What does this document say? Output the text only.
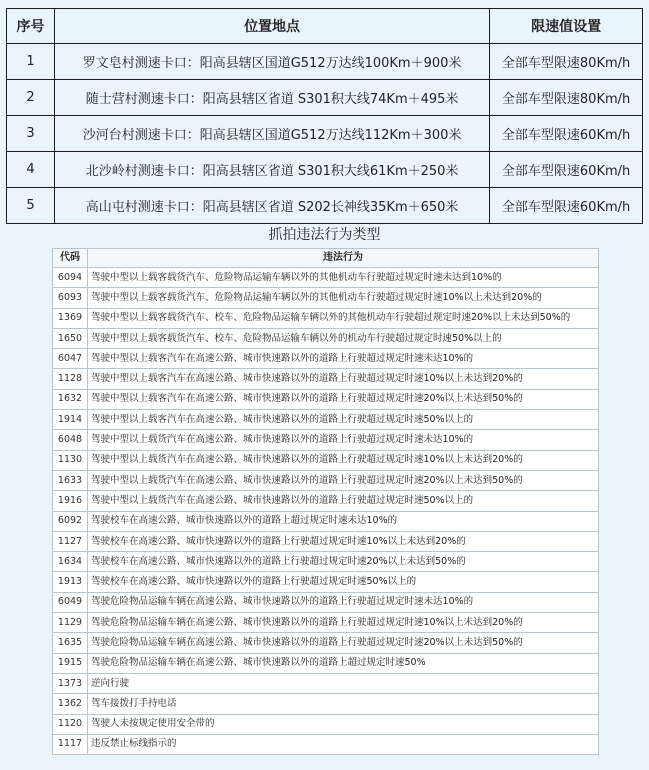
序号	位置地点	限速值设置
1	罗文皂村测速卡口：阳高县辖区国道G512万达线100Km＋900米	全部车型限速80Km/h
2	随士营村测速卡口：阳高县辖区省道 S301积大线74Km＋495米	全部车型限速80Km/h
3	沙河台村测速卡口：阳高县辖区国道G512万达线112Km＋300米	全部车型限速60Km/h
4	北沙岭村测速卡口：阳高县辖区省道 S301积大线61Km＋250米	全部车型限速60Km/h
5	高山屯村测速卡口：阳高县辖区省道 S202长神线35Km＋650米	全部车型限速60Km/h
抓拍违法行为类型
代码	违法行为
6094	驾驶中型以上载客载货汽车、危险物品运输车辆以外的其他机动车行驶超过规定时速未达到10%的
6093	驾驶中型以上载客载货汽车、危险物品运输车辆以外的其他机动车行驶超过规定时速10%以上未达到20%的
1369	驾驶中型以上载客载货汽车、校车、危险物品运输车辆以外的其他机动车行驶超过规定时速20%以上未达到50%的
1650	驾驶中型以上载客载货汽车、校车、危险物品运输车辆以外的机动车行驶超过规定时速50%以上的
6047	驾驶中型以上载客汽车在高速公路、城市快速路以外的道路上行驶超过规定时速未达10%的
1128	驾驶中型以上载客汽车在高速公路、城市快速路以外的道路上行驶超过规定时速10%以上未达到20%的
1632	驾驶中型以上载客汽车在高速公路、城市快速路以外的道路上行驶超过规定时速20%以上未达到50%的
1914	驾驶中型以上载客汽车在高速公路、城市快速路以外的道路上行驶超过规定时速50%以上的
6048	驾驶中型以上载货汽车在高速公路、城市快速路以外的道路上行驶超过规定时速未达10%的
1130	驾驶中型以上载货汽车在高速公路、城市快速路以外的道路上行驶超过规定时速10%以上未达到20%的
1633	驾驶中型以上载货汽车在高速公路、城市快速路以外的道路上行驶超过规定时速20%以上未达到50%的
1916	驾驶中型以上载货汽车在高速公路、城市快速路以外的道路上行驶超过规定时速50%以上的
6092	驾驶校车在高速公路、城市快速路以外的道路上超过规定时速未达10%的
1127	驾驶校车在高速公路、城市快速路以外的道路上行驶超过规定时速10%以上未达到20%的
1634	驾驶校车在高速公路、城市快速路以外的道路上行驶超过规定时速20%以上未达到50%的
1913	驾驶校车在高速公路、城市快速路以外的道路上行驶超过规定时速50%以上的
6049	驾驶危险物品运输车辆在高速公路、城市快速路以外的道路上行驶超过规定时速未达10%的
1129	驾驶危险物品运输车辆在高速公路、城市快速路以外的道路上行驶超过规定时速10%以上未达到20%的
1635	驾驶危险物品运输车辆在高速公路、城市快速路以外的道路上行驶超过规定时速20%以上未达到50%的
1915	驾驶危险物品运输车辆在高速公路、城市快速路以外的道路上超过规定时速50%
1373	逆向行驶
1362	驾车接拨打手持电话
1120	驾驶人未按规定使用安全带的
1117	违反禁止标线指示的
